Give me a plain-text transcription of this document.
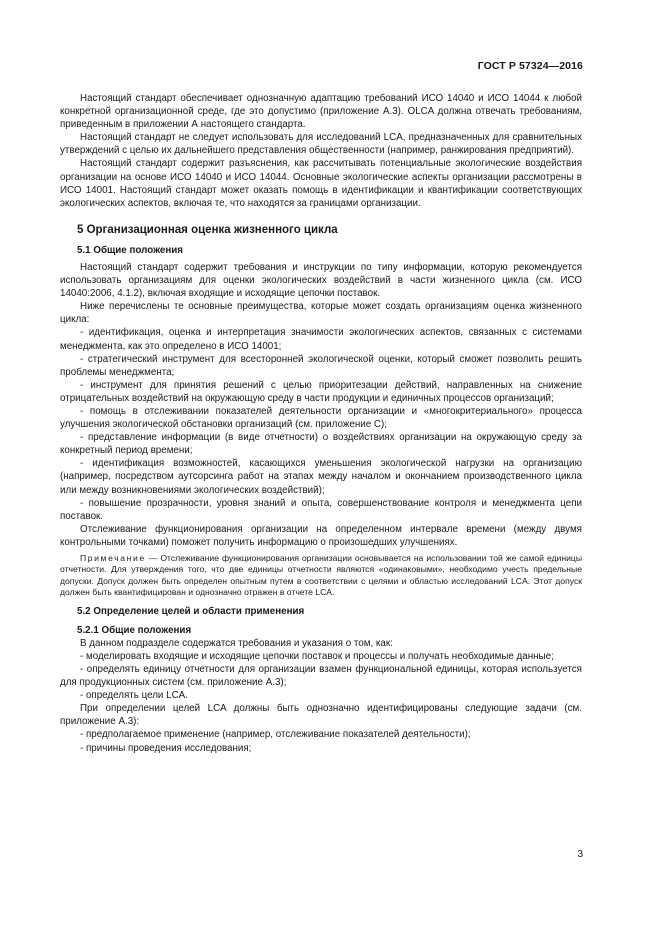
ГОСТ Р 57324—2016

Настоящий стандарт обеспечивает однозначную адаптацию требований ИСО 14040 и ИСО 14044 к любой конкретной организационной среде, где это допустимо (приложение А.3). OLCA должна отвечать требованиям, приведенным в приложении А настоящего стандарта.

Настоящий стандарт не следует использовать для исследований LCA, предназначенных для сравнительных утверждений с целью их дальнейшего представления общественности (например, ранжирования предприятий).

Настоящий стандарт содержит разъяснения, как рассчитывать потенциальные экологические воздействия организации на основе ИСО 14040 и ИСО 14044. Основные экологические аспекты организации рассмотрены в ИСО 14001. Настоящий стандарт может оказать помощь в идентификации и квантификации соответствующих экологических аспектов, включая те, что находятся за границами организации.

5 Организационная оценка жизненного цикла

5.1 Общие положения

Настоящий стандарт содержит требования и инструкции по типу информации, которую рекомендуется использовать организациям для оценки экологических воздействий в части жизненного цикла (см. ИСО 14040:2006, 4.1.2), включая входящие и исходящие цепочки поставок.

Ниже перечислены те основные преимущества, которые может создать организациям оценка жизненного цикла:

- идентификация, оценка и интерпретация значимости экологических аспектов, связанных с системами менеджмента, как это определено в ИСО 14001;

- стратегический инструмент для всесторонней экологической оценки, который сможет позволить решить проблемы менеджмента;

- инструмент для принятия решений с целью приоритезации действий, направленных на снижение отрицательных воздействий на окружающую среду в части продукции и единичных процессов организаций;

- помощь в отслеживании показателей деятельности организации и «многокритериального» процесса улучшения экологической обстановки организаций (см. приложение С);

- представление информации (в виде отчетности) о воздействиях организации на окружающую среду за конкретный период времени;

- идентификация возможностей, касающихся уменьшения экологической нагрузки на организацию (например, посредством аутсорсинга работ на этапах между началом и окончанием производственного цикла или между возникновениями экологических воздействий);

- повышение прозрачности, уровня знаний и опыта, совершенствование контроля и менеджмента цепи поставок.

Отслеживание функционирования организации на определенном интервале времени (между двумя контрольными точками) поможет получить информацию о произошедших улучшениях.

Примечание — Отслеживание функционирования организации основывается на использовании той же самой единицы отчетности. Для утверждения того, что две единицы отчетности являются «одинаковыми», необходимо учесть предельные допуски. Допуск должен быть определен опытным путем в соответствии с целями и областью исследований LCA. Этот допуск должен быть квантифицирован и однозначно отражен в отчете LCA.

5.2 Определение целей и области применения

5.2.1 Общие положения

В данном подразделе содержатся требования и указания о том, как:

- моделировать входящие и исходящие цепочки поставок и процессы и получать необходимые данные;

- определять единицу отчетности для организации взамен функциональной единицы, которая используется для продукционных систем (см. приложение А.3);

- определять цели LCA.

При определении целей LCA должны быть однозначно идентифицированы следующие задачи (см. приложение А.3):

- предполагаемое применение (например, отслеживание показателей деятельности);

- причины проведения исследования;

3
